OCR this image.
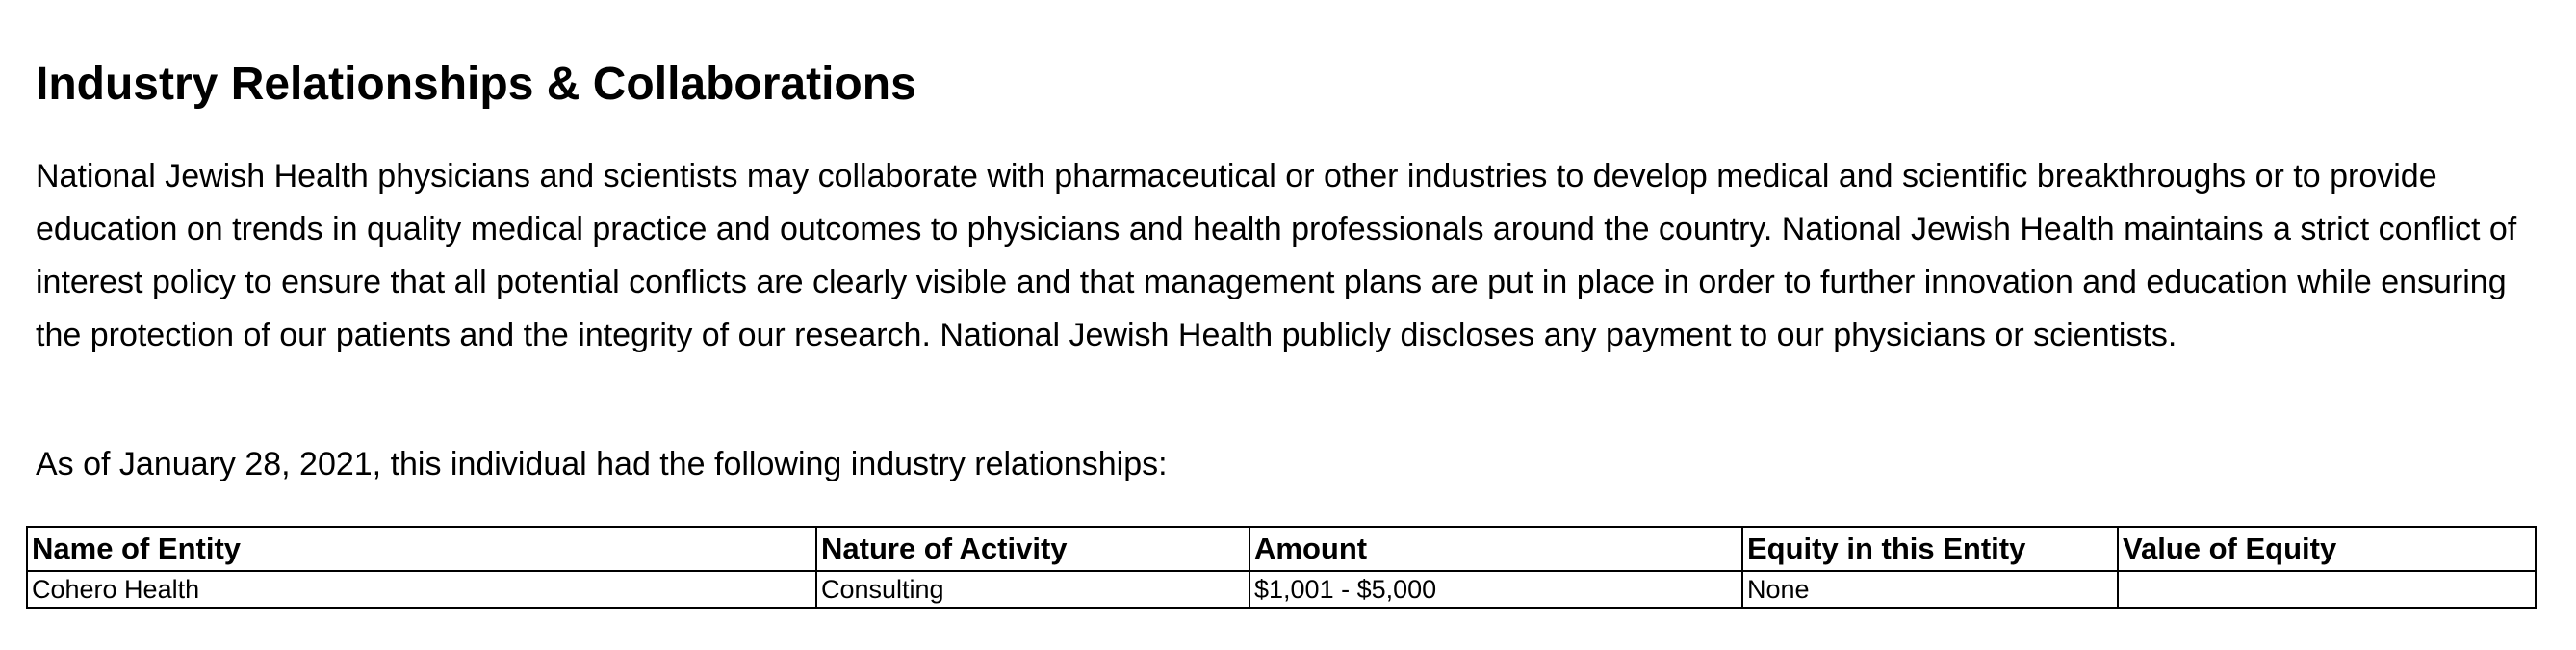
Industry Relationships & Collaborations

National Jewish Health physicians and scientists may collaborate with pharmaceutical or other industries to develop medical and scientific breakthroughs or to provide education on trends in quality medical practice and outcomes to physicians and health professionals around the country. National Jewish Health maintains a strict conflict of interest policy to ensure that all potential conflicts are clearly visible and that management plans are put in place in order to further innovation and education while ensuring the protection of our patients and the integrity of our research. National Jewish Health publicly discloses any payment to our physicians or scientists.

As of January 28, 2021, this individual had the following industry relationships:

Name of Entity	Nature of Activity	Amount	Equity in this Entity	Value of Equity
Cohero Health	Consulting	$1,001 - $5,000	None	
